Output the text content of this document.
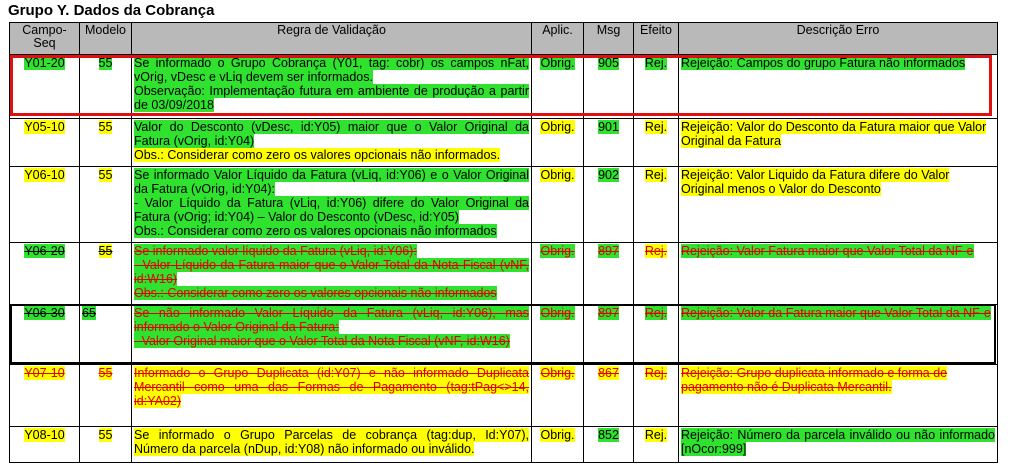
Grupo Y. Dados da Cobrança
Campo-Seq	Modelo	Regra de Validação	Aplic.	Msg	Efeito	Descrição Erro
Y01-20	55	Se informado o Grupo Cobrança (Y01, tag: cobr) os campos nFat, vOrig, vDesc e vLiq devem ser informados.
Observação: Implementação futura em ambiente de produção a partir de 03/09/2018	Obrig.	905	Rej.	Rejeição: Campos do grupo Fatura não informados
Y05-10	55	Valor do Desconto (vDesc, id:Y05) maior que o Valor Original da Fatura (vOrig, id:Y04)
Obs.: Considerar como zero os valores opcionais não informados.	Obrig.	901	Rej.	Rejeição: Valor do Desconto da Fatura maior que Valor Original da Fatura
Y06-10	55	Se informado Valor Líquido da Fatura (vLiq, id:Y06) e o Valor Original da Fatura (vOrig, id:Y04):
- Valor Líquido da Fatura (vLiq, id:Y06) difere do Valor Original da Fatura (vOrig; id:Y04) – Valor do Desconto (vDesc, id:Y05)
Obs.: Considerar como zero os valores opcionais não informados	Obrig.	902	Rej.	Rejeição: Valor Liquido da Fatura difere do Valor Original menos o Valor do Desconto
Y06-20	55	Se informado valor líquido da Fatura (vLiq, id:Y06):
- Valor Líquido da Fatura maior que o Valor Total da Nota Fiscal (vNF, id:W16)
Obs.: Considerar como zero os valores opcionais não informados	Obrig.	897	Rej.	Rejeição: Valor Fatura maior que Valor Total da NF-e
Y06-30	65	Se não informado Valor Líquido da Fatura (vLiq, id:Y06), mas informado o Valor Original da Fatura:
- Valor Original maior que o Valor Total da Nota Fiscal (vNF, id:W16)	Obrig.	897	Rej.	Rejeição: Valor da Fatura maior que Valor Total da NF-e
Y07-10	55	Informado o Grupo Duplicata (id:Y07) e não informado Duplicata Mercantil como uma das Formas de Pagamento (tag:tPag<>14, id:YA02)	Obrig.	867	Rej.	Rejeição: Grupo duplicata informado e forma de pagamento não é Duplicata Mercantil.
Y08-10	55	Se informado o Grupo Parcelas de cobrança (tag:dup, Id:Y07), Número da parcela (nDup, id:Y08) não informado ou inválido.	Obrig.	852	Rej.	Rejeição: Número da parcela inválido ou não informado [nOcor:999]
